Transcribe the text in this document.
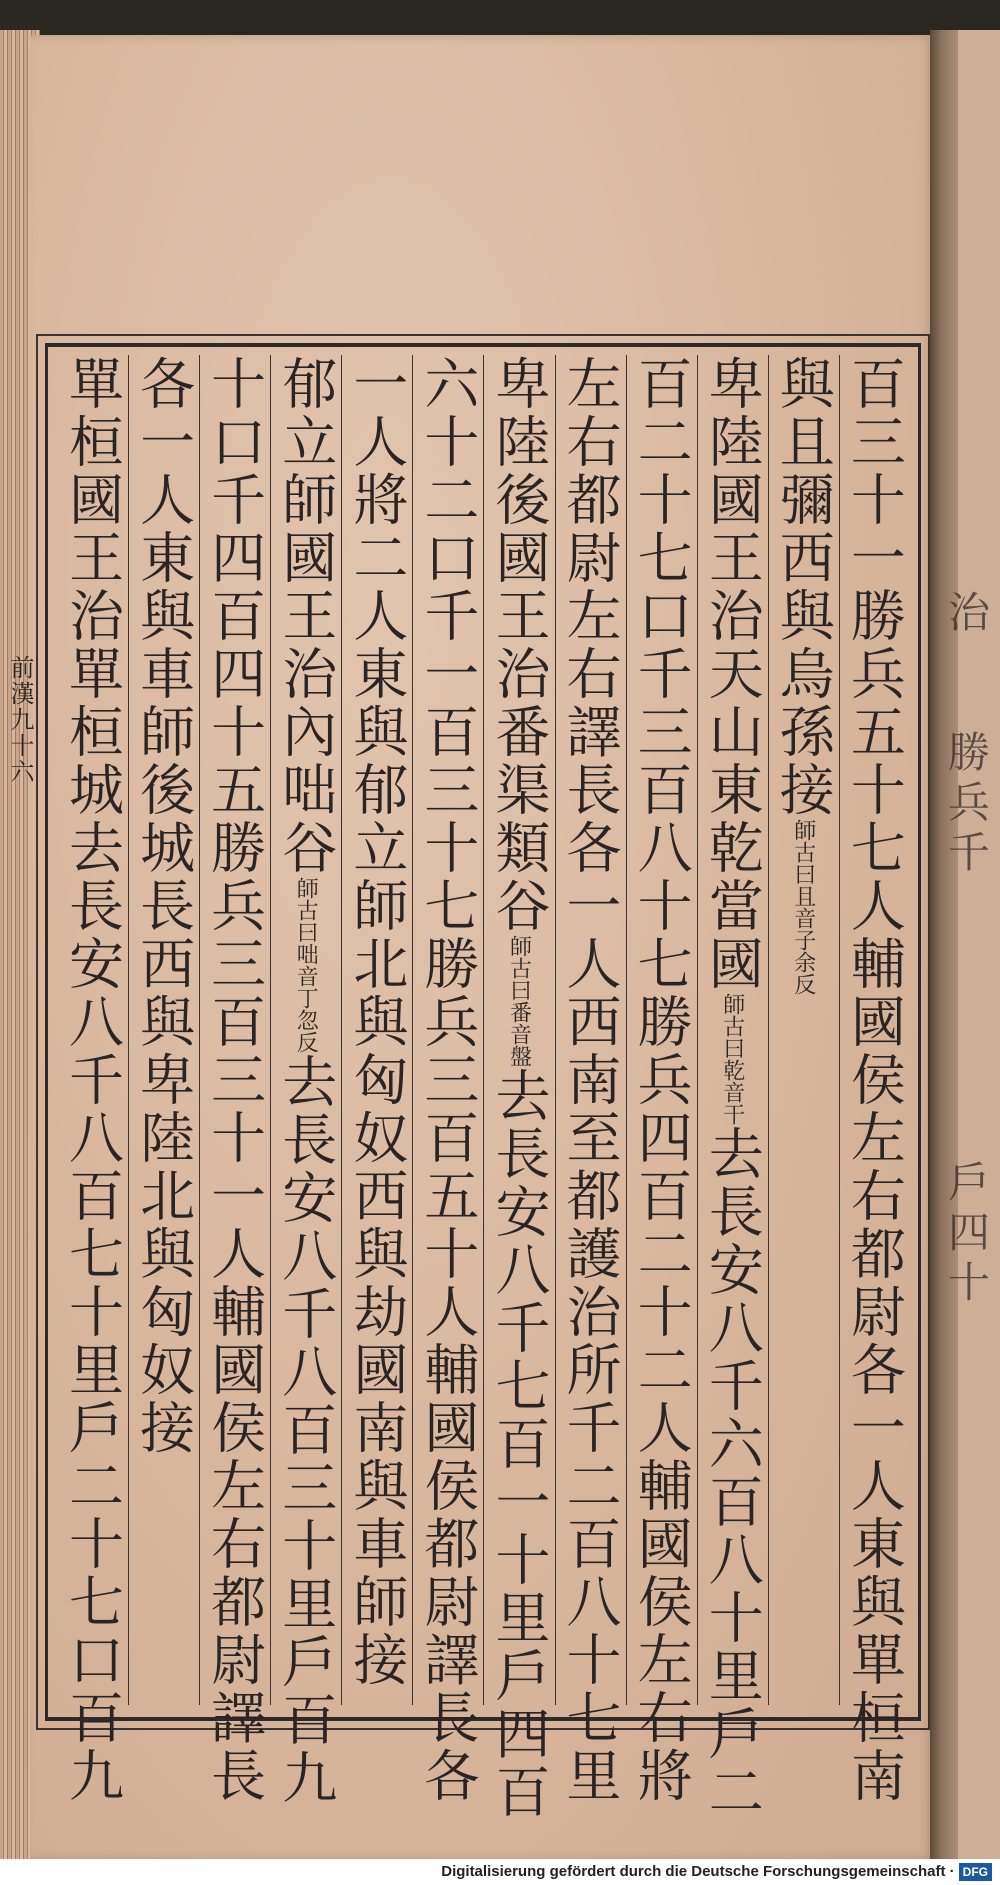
治
勝兵千
戶四十
前漢九十六	百三十一勝兵五十七人輔國侯左右都尉各一人東與單桓南
與且彌西與烏孫接師古曰且音子余反
卑陸國王治天山東乾當國師古曰乾音干去長安八千六百八十里戶二
百二十七口千三百八十七勝兵四百二十二人輔國侯左右將
左右都尉左右譯長各一人西南至都護治所千二百八十七里
卑陸後國王治番渠類谷師古曰番音盤去長安八千七百一十里戶四百
六十二口千一百三十七勝兵三百五十人輔國侯都尉譯長各
一人將二人東與郁立師北與匈奴西與劫國南與車師接
郁立師國王治內咄谷師古曰咄音丁忽反去長安八千八百三十里戶百九
十口千四百四十五勝兵三百三十一人輔國侯左右都尉譯長
各一人東與車師後城長西與卑陸北與匈奴接
單桓國王治單桓城去長安八千八百七十里戶二十七口百九
Digitalisierung gefördert durch die Deutsche Forschungsgemeinschaft · DFG
